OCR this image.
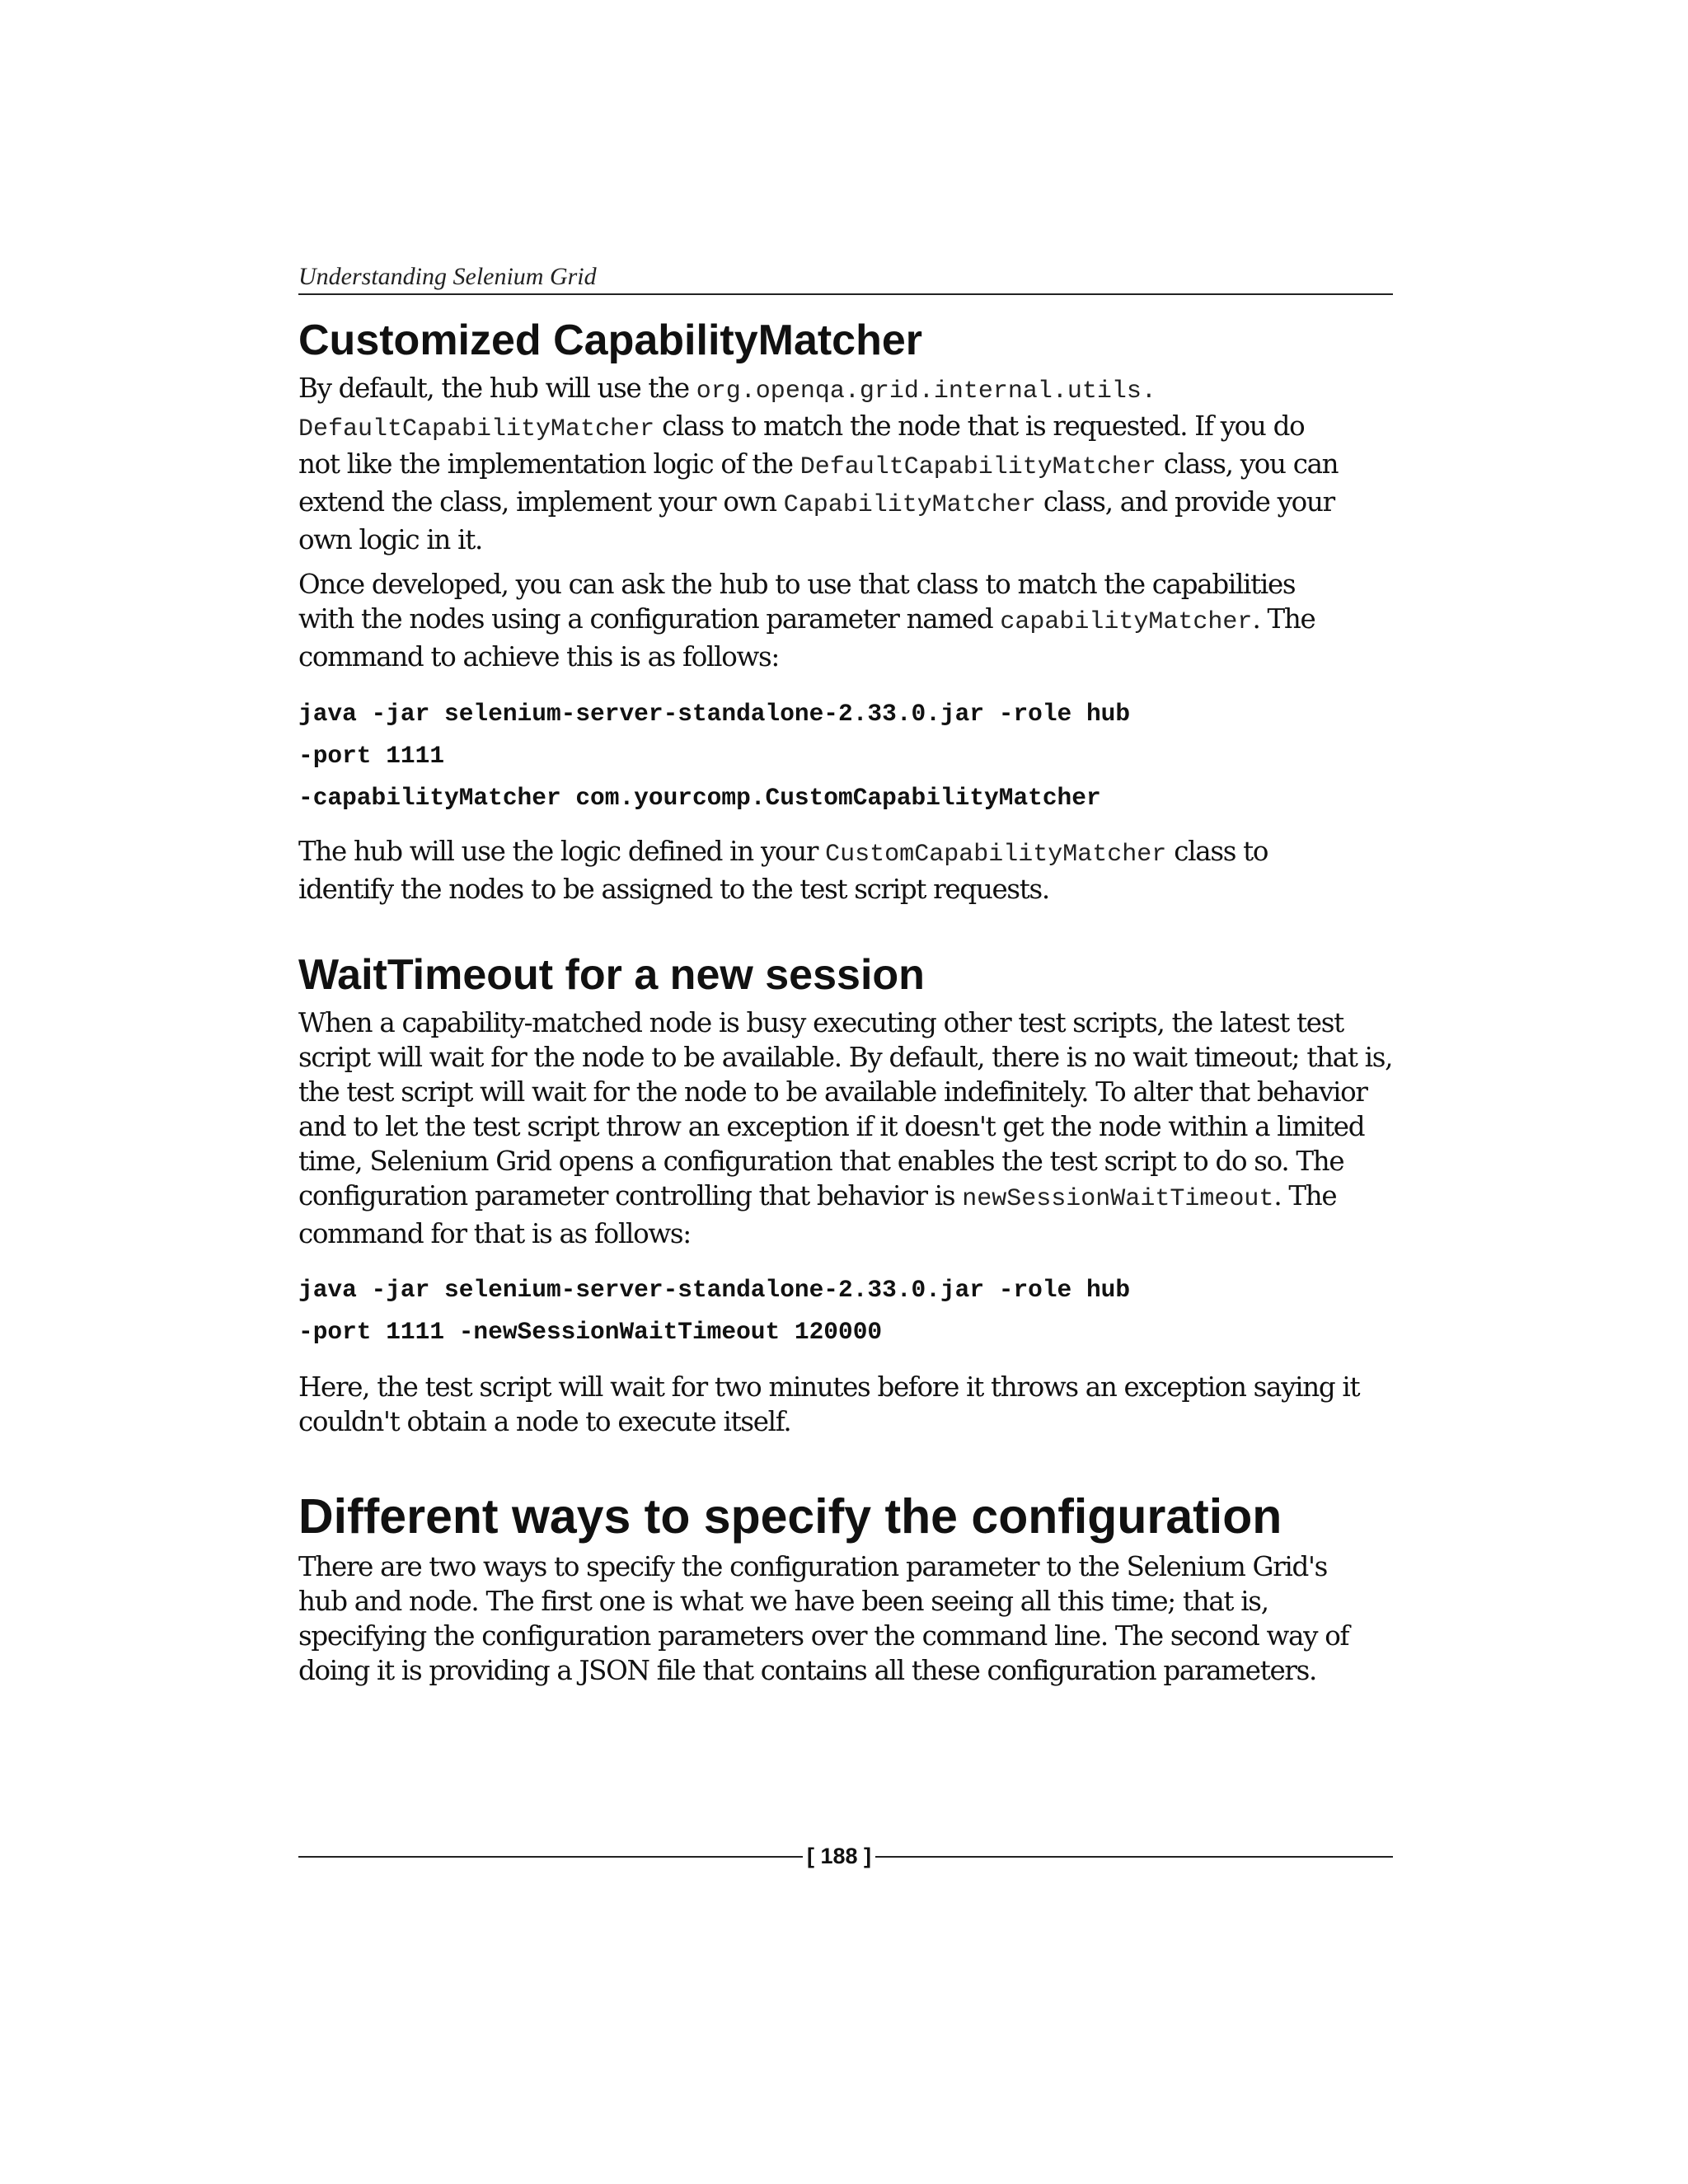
Understanding Selenium Grid
Customized CapabilityMatcher
By default, the hub will use the org.openqa.grid.internal.utils.
DefaultCapabilityMatcher class to match the node that is requested. If you do
not like the implementation logic of the DefaultCapabilityMatcher class, you can
extend the class, implement your own CapabilityMatcher class, and provide your
own logic in it.
Once developed, you can ask the hub to use that class to match the capabilities
with the nodes using a configuration parameter named capabilityMatcher. The
command to achieve this is as follows:
java -jar selenium-server-standalone-2.33.0.jar -role hub
-port 1111
-capabilityMatcher com.yourcomp.CustomCapabilityMatcher
The hub will use the logic defined in your CustomCapabilityMatcher class to
identify the nodes to be assigned to the test script requests.
WaitTimeout for a new session
When a capability-matched node is busy executing other test scripts, the latest test
script will wait for the node to be available. By default, there is no wait timeout; that is,
the test script will wait for the node to be available indefinitely. To alter that behavior
and to let the test script throw an exception if it doesn't get the node within a limited
time, Selenium Grid opens a configuration that enables the test script to do so. The
configuration parameter controlling that behavior is newSessionWaitTimeout. The
command for that is as follows:
java -jar selenium-server-standalone-2.33.0.jar -role hub
-port 1111 -newSessionWaitTimeout 120000
Here, the test script will wait for two minutes before it throws an exception saying it
couldn't obtain a node to execute itself.
Different ways to specify the configuration
There are two ways to specify the configuration parameter to the Selenium Grid's
hub and node. The first one is what we have been seeing all this time; that is,
specifying the configuration parameters over the command line. The second way of
doing it is providing a JSON file that contains all these configuration parameters.
[ 188 ]
